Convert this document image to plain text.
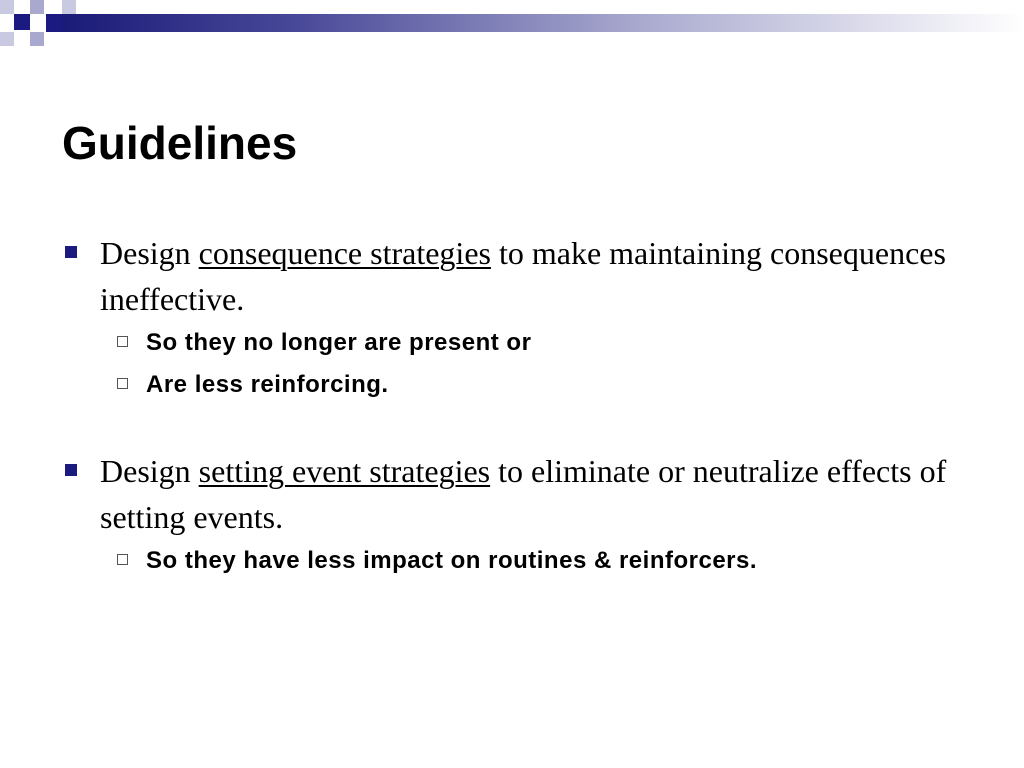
Guidelines
Design consequence strategies to make maintaining consequences ineffective.
So they no longer are present or
Are less reinforcing.
Design setting event strategies to eliminate or neutralize effects of setting events.
So they have less impact on routines & reinforcers.
